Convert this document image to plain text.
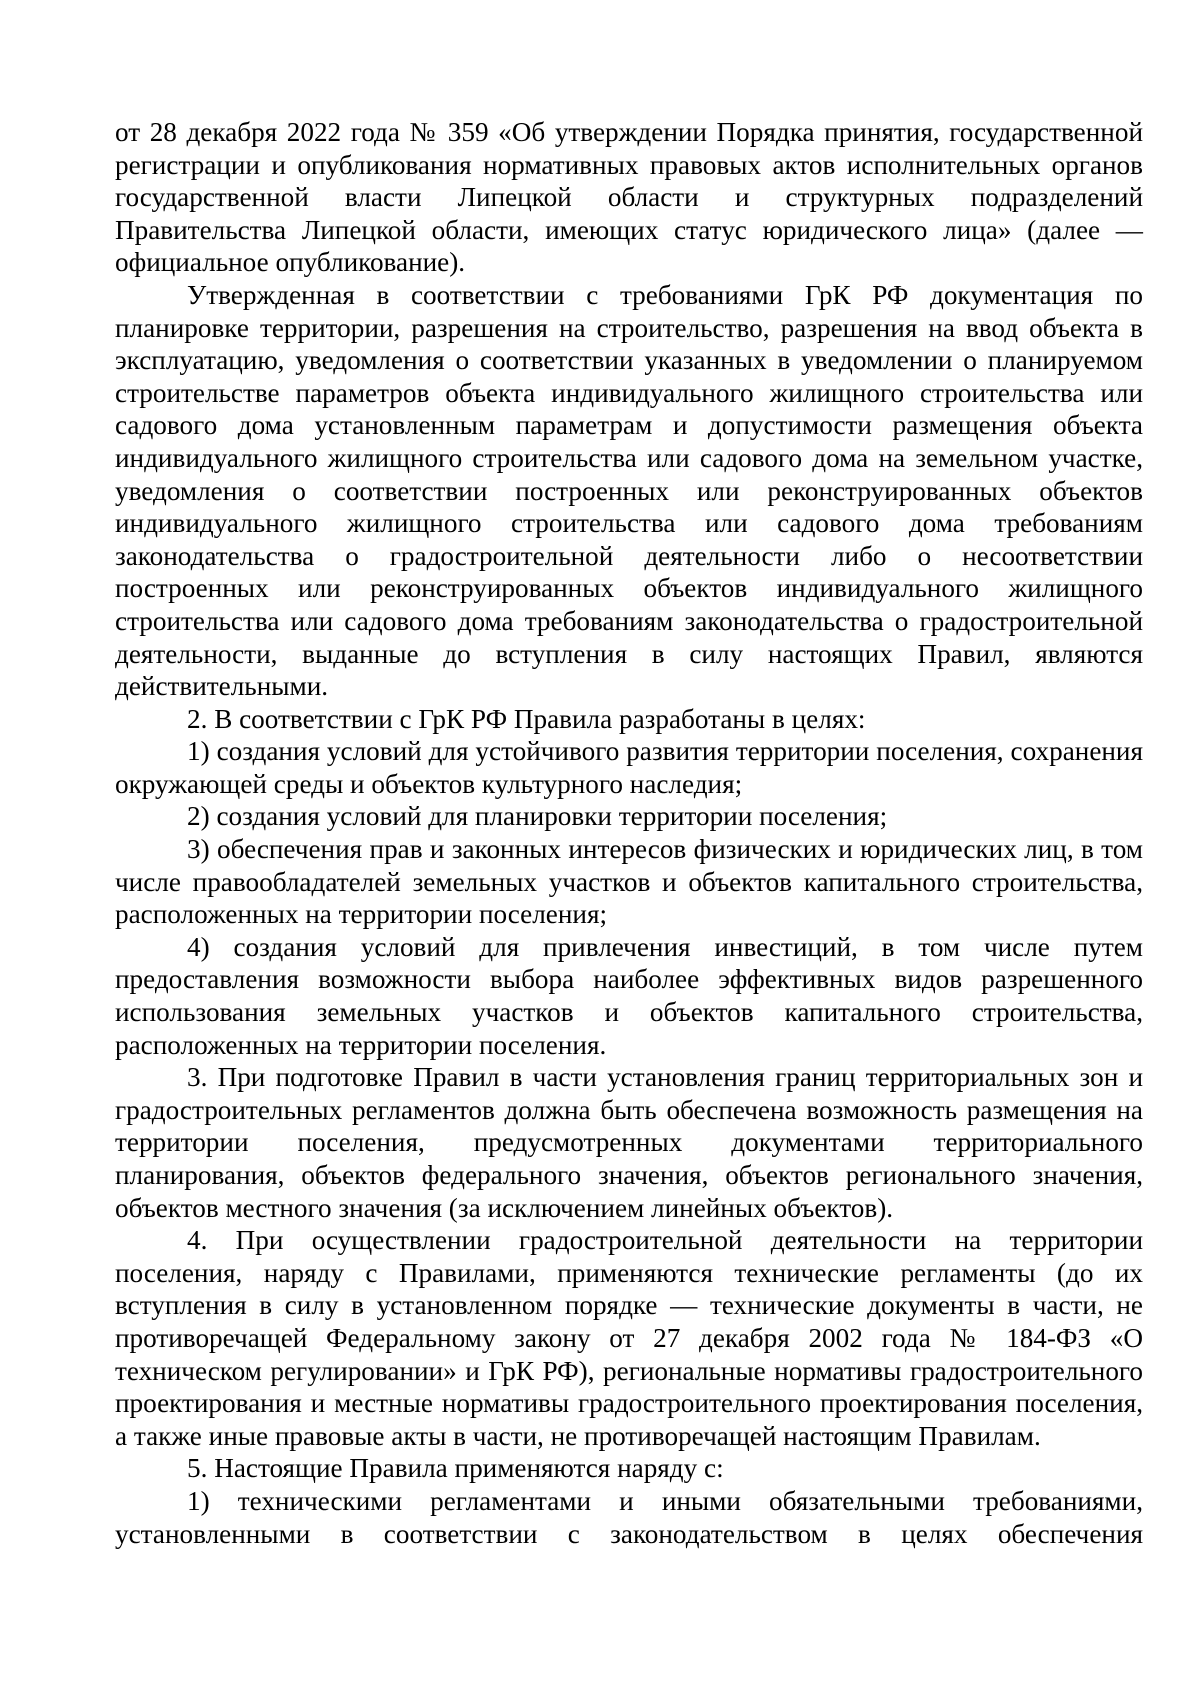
от 28 декабря 2022 года № 359 «Об утверждении Порядка принятия, государственной регистрации и опубликования нормативных правовых актов исполнительных органов государственной власти Липецкой области и структурных подразделений Правительства Липецкой области, имеющих статус юридического лица» (далее — официальное опубликование).

Утвержденная в соответствии с требованиями ГрК РФ документация по планировке территории, разрешения на строительство, разрешения на ввод объекта в эксплуатацию, уведомления о соответствии указанных в уведомлении о планируемом строительстве параметров объекта индивидуального жилищного строительства или садового дома установленным параметрам и допустимости размещения объекта индивидуального жилищного строительства или садового дома на земельном участке, уведомления о соответствии построенных или реконструированных объектов индивидуального жилищного строительства или садового дома требованиям законодательства о градостроительной деятельности либо о несоответствии построенных или реконструированных объектов индивидуального жилищного строительства или садового дома требованиям законодательства о градостроительной деятельности, выданные до вступления в силу настоящих Правил, являются действительными.

2. В соответствии с ГрК РФ Правила разработаны в целях:

1) создания условий для устойчивого развития территории поселения, сохранения окружающей среды и объектов культурного наследия;

2) создания условий для планировки территории поселения;

3) обеспечения прав и законных интересов физических и юридических лиц, в том числе правообладателей земельных участков и объектов капитального строительства, расположенных на территории поселения;

4) создания условий для привлечения инвестиций, в том числе путем предоставления возможности выбора наиболее эффективных видов разрешенного использования земельных участков и объектов капитального строительства, расположенных на территории поселения.

3. При подготовке Правил в части установления границ территориальных зон и градостроительных регламентов должна быть обеспечена возможность размещения на территории поселения, предусмотренных документами территориального планирования, объектов федерального значения, объектов регионального значения, объектов местного значения (за исключением линейных объектов).

4. При осуществлении градостроительной деятельности на территории поселения, наряду с Правилами, применяются технические регламенты (до их вступления в силу в установленном порядке — технические документы в части, не противоречащей Федеральному закону от 27 декабря 2002 года № 184-ФЗ «О техническом регулировании» и ГрК РФ), региональные нормативы градостроительного проектирования и местные нормативы градостроительного проектирования поселения, а также иные правовые акты в части, не противоречащей настоящим Правилам.

5. Настоящие Правила применяются наряду с:

1) техническими регламентами и иными обязательными требованиями, установленными в соответствии с законодательством в целях обеспечения
